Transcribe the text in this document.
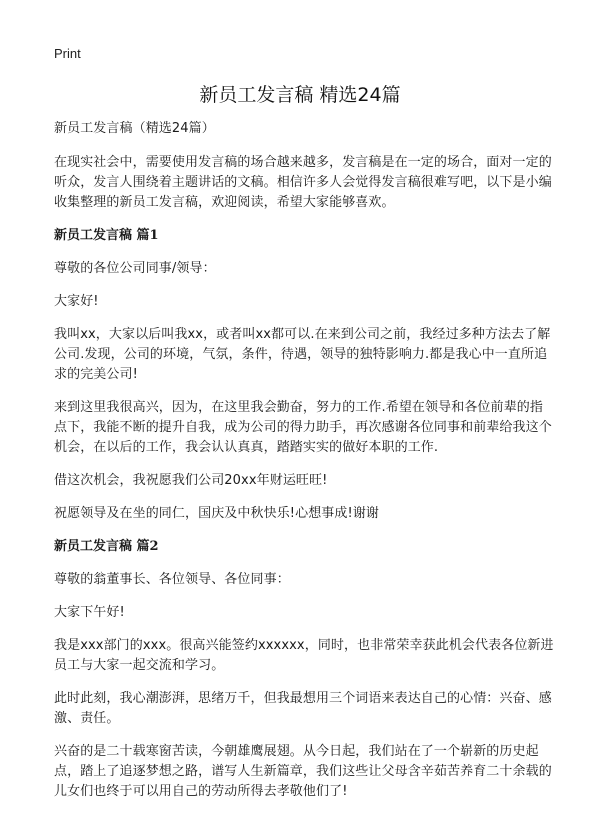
Print
新员工发言稿 精选24篇

新员工发言稿（精选24篇）

在现实社会中，需要使用发言稿的场合越来越多，发言稿是在一定的场合，面对一定的听众，发言人围绕着主题讲话的文稿。相信许多人会觉得发言稿很难写吧，以下是小编收集整理的新员工发言稿，欢迎阅读，希望大家能够喜欢。

新员工发言稿 篇1

尊敬的各位公司同事/领导：

大家好!

我叫xx，大家以后叫我xx，或者叫xx都可以.在来到公司之前，我经过多种方法去了解公司.发现，公司的环境，气氛，条件，待遇，领导的独特影响力.都是我心中一直所追求的完美公司!

来到这里我很高兴，因为，在这里我会勤奋，努力的工作.希望在领导和各位前辈的指点下，我能不断的提升自我，成为公司的得力助手，再次感谢各位同事和前辈给我这个机会，在以后的工作，我会认认真真，踏踏实实的做好本职的工作.

借这次机会，我祝愿我们公司20xx年财运旺旺!

祝愿领导及在坐的同仁，国庆及中秋快乐!心想事成!谢谢

新员工发言稿 篇2

尊敬的翁董事长、各位领导、各位同事：

大家下午好!

我是xxx部门的xxx。很高兴能签约xxxxxx，同时，也非常荣幸获此机会代表各位新进员工与大家一起交流和学习。

此时此刻，我心潮澎湃，思绪万千，但我最想用三个词语来表达自己的心情：兴奋、感激、责任。

兴奋的是二十载寒窗苦读，今朝雄鹰展翅。从今日起，我们站在了一个崭新的历史起点，踏上了追逐梦想之路，谱写人生新篇章，我们这些让父母含辛茹苦养育二十余载的儿女们也终于可以用自己的劳动所得去孝敬他们了!
